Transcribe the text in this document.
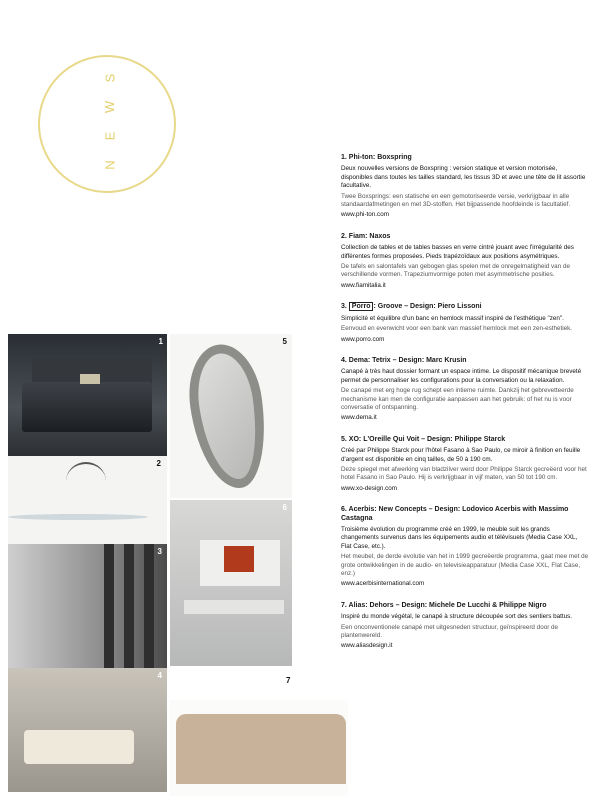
S
W
E
N
1	5
2
6
3
4
7
1. Phi-ton: Boxspring

Deux nouvelles versions de Boxspring : version statique et version motorisée, disponibles dans toutes les tailles standard, les tissus 3D et avec une tête de lit assortie facultative.

Twee Boxsprings: een statische en een gemotoriseerde versie, verkrijgbaar in alle standaardafmetingen en met 3D-stoffen. Het bijpassende hoofdeinde is facultatief.

www.phi-ton.com
2. Fiam: Naxos

Collection de tables et de tables basses en verre cintré jouant avec l'irrégularité des différentes formes proposées. Pieds trapézoïdaux aux positions asymétriques.

De tafels en salontafels van gebogen glas spelen met de onregelmatigheid van de verschillende vormen. Trapeziumvormige poten met asymmetrische posities.

www.fiamitalia.it
3. Porro : Groove – Design: Piero Lissoni

Simplicité et équilibre d'un banc en hemlock massif inspiré de l'esthétique "zen".

Eenvoud en evenwicht voor een bank van massief hemlock met een zen-esthetiek.

www.porro.com
4. Dema: Tetrix – Design: Marc Krusin

Canapé à très haut dossier formant un espace intime. Le dispositif mécanique breveté permet de personnaliser les configurations pour la conversation ou la relaxation.

De canapé met erg hoge rug schept een intieme ruimte. Dankzij het gebrevetteerde mechanisme kan men de configuratie aanpassen aan het gebruik: of het nu is voor conversatie of ontspanning.

www.dema.it
5. XO: L'Oreille Qui Voit – Design: Philippe Starck

Créé par Philippe Starck pour l'hôtel Fasano à Sao Paulo, ce miroir à finition en feuille d'argent est disponible en cinq tailles, de 50 à 190 cm.

Deze spiegel met afwerking van bladzilver werd door Philippe Starck gecreëerd voor het hotel Fasano in Sao Paulo. Hij is verkrijgbaar in vijf maten, van 50 tot 190 cm.

www.xo-design.com
6. Acerbis: New Concepts – Design: Lodovico Acerbis with Massimo Castagna

Troisième évolution du programme créé en 1999, le meuble suit les grands changements survenus dans les équipements audio et télévisuels (Media Case XXL, Flat Case, etc.).

Het meubel, de derde evolutie van het in 1999 gecreëerde programma, gaat mee met de grote ontwikkelingen in de audio- en televisieapparatuur (Media Case XXL, Flat Case, enz.)

www.acerbisinternational.com
7. Alias: Dehors – Design: Michele De Lucchi & Philippe Nigro

Inspiré du monde végétal, le canapé à structure découpée sort des sentiers battus.

Een onconventionele canapé met uitgesneden structuur, geïnspireerd door de plantenwereld.

www.aliasdesign.it
